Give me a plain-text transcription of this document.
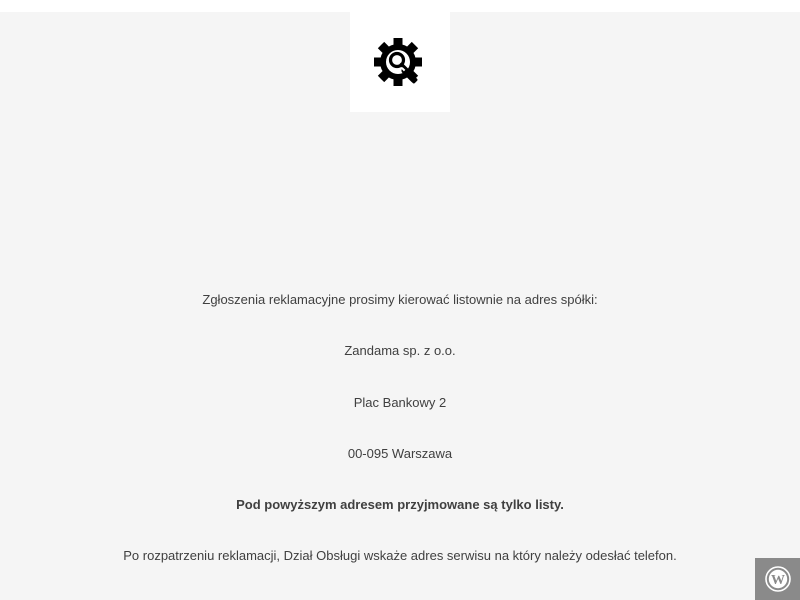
Zgłoszenia reklamacyjne prosimy kierować listownie na adres spółki:

Zandama sp. z o.o.

Plac Bankowy 2

00-095 Warszawa

Pod powyższym adresem przyjmowane są tylko listy.

Po rozpatrzeniu reklamacji, Dział Obsługi wskaże adres serwisu na który należy odesłać telefon.

W
